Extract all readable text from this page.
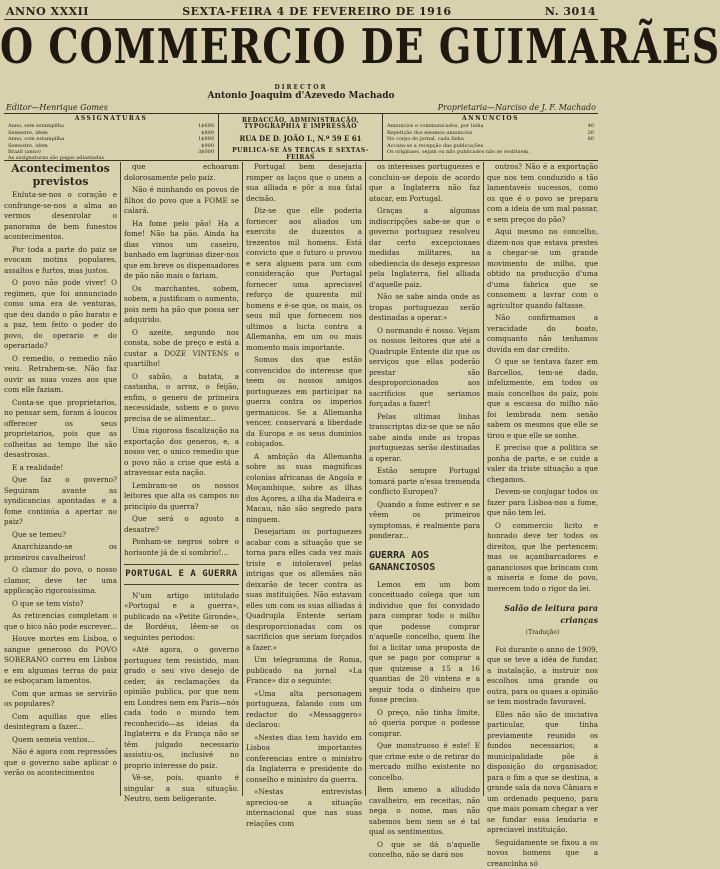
ANNO XXXII	SEXTA-FEIRA 4 DE FEVEREIRO DE 1916	N. 3014
O COMMERCIO DE GUIMARÃES
DIRECTOR
Antonio Joaquim d'Azevedo Machado
Editor—Henrique Gomes	Proprietaria—Narciso de J. F. Machado
ASSIGNATURAS
Anno, sem estampilha	1$600
Semestre, idem	$800
Anno, com estampilha	1$800
Semestre, idem	$900
Brazil (anno)	3$000
As assignaturas são pagas adiantadas
REDACÇÃO, ADMINISTRAÇÃO, TYPOGRAPHIA E IMPRESSÃO
RUA DE D. JOÃO I., N.º 59 E 61
PUBLICA-SE ÁS TERÇAS E SEXTAS-FEIRAS
ANNUNCIOS
Annuncios e communicados, por linha	40
Repetição dos mesmos annuncios	20
No corpo do jornal, cada linha	60
Accusa-se a recepção das publicações
Os originaes, sejam ou não publicados não se restituem.

Acontecimentos previstos

Enluta-se-nos o coração e confrange-se-nos a alma ao vermos desenrolar o panorama de bem funestos acontecimentos.

Por toda a parte do paiz se evocam motins populares, assaltos e furtos, mas justos.

O povo não pode viver! O regimen, que foi annunciado como uma era de venturas, que deu dando o pão barato e a paz, tem feito o poder do povo, do operario e do operariado?

O remedio, o remedio não veiu. Retrahem-se. Não faz ouvir as suas vozes aos que com elle faziam.

Conta-se que proprietarios, no pensar sem, foram á loucos offerecer os seus proprietarios, pois que as colheitas ao tempo lhe são desastrosas.

E a realidade!

Que faz o governo? Seguiram avante as syndicancias apontadas e a fome continúa a apertar no paiz?

Que se temeu?

Anarchizando-se os primeiros cavalheiros!

O clamor do povo, o nosso clamor, deve ter uma applicação rigorosissima.

O que se tem visto?

As reticencias completam o que o bico não pode escrever...

Houve mortes em Lisboa, o sangue generoso do POVO SOBERANO correu em Lisboa e em algumas terras do paiz se esboçaram lamentos.

Com que armas se servirão os populares?

Com aquillas que elles desintegram a fazer...

Quem semeia ventos...

Não é agora com repressões que o governo sabe aplicar o verão os acontecimentos

que echoaram dolorosamente pelo paiz.

Não é minhando os povos de filhos do povo que a FOME se calará.

Ha fome pelo pão! Ha a fome! Não ha pão. Ainda ha dias vimos um caseiro, banhado em lagrimas dizer-nos que em breve os dispensadores de pão não mais o fariam.

Os marchantes, sobem, sobem, a justificam o aumento, pois nem ha pão que possa ser adquirido.

O azeite, segundo nos consta, sobe de preço e está a custar a DOZE VINTENS o quartilho!

O sabão, a batata, a castanha, o arroz, o feijão, enfim, o genero de primeira necessidade, sobem e o povo precisa de se alimentar...

Uma rigorosa fiscalização na exportação dos generos, e, a nosso ver, o unico remedio que o povo não a crise que está a atravessar esta nação.

Lembram-se os nossos leitores que alta os campos no principio da guerra?

Que será o agosto a desastre?

Ponham-se negros sobre o horisonte já de si sombrio!...

PORTUGAL E A GUERRA

N'um artigo intitulado «Portugal e a guerra», publicado na «Petite Gironde», de Bordéus, lêem-se os seguintes periodos:

«Até agora, o governo portuguez tem resistido, mau grado o seu vivo desejo de ceder, ás reclamações da opinião publica, por que nem em Londres nem em Paris—nós cada todo o mundo tem reconhecido—as ideias da Inglaterra e da França não se têm julgado necessario assistiu-os, inclusivé no proprio interesse do paiz.

Vê-se, pois, quanto é singular a sua situação. Neutro, nem beligerante.

Portugal bem desejaria romper os laços que o unem a sua alliada e pôr a sua fatal decisão.

Diz-se que elle poderia fornecer aos aliados um exercito de duzentos a trezentos mil homens. Está convicto que o futuro o provou e sera alguem para um com consideração que Portugal fornecer uma apreciavel reforço de quarenta mil homens e é-se que, os mais, os seus mil que fornecem nos ultimos a lucta contra a Allemanha, em um ou mais momento mais importante.

Somos dos que estão convencidos do interesse que teem os nossos amigos portuguezes em participar na guerra contra os imperios germanicos. Se a Allemanha vencer, conservará a liberdade da Europa e os seus dominios cobiçados.

A ambição da Allemanha sobre as suas magnificas colonias africanas de Angola e Moçambique, sobre as ilhas dos Açores, a ilha da Madeira e Macau, não são segredo para ninguem.

Desejariam os portuguezes acabar com a situação que se torna para elles cada vez mais triste e intoleravel pelas intrigas que os allemães não deixarão de tecer contra as suas instituições. Não estavam elles um com os suas alliadas á Quadrupla Entente seriam desproporcionadas com os sacrificios que seriam forçados a fazer.»

Um telegramma de Roma, publicado na jornal «La France» diz o seguinte:

«Uma alta personagem portugueza, falando com um redactor do «Messaggero» declarou:

«Nestes dias tem havido em Lisboa importantes conferencias entre o ministro da Inglaterra e presidente do conselho e ministro da guerra.

«Nestas entrevistas apreciou-se a situação internacional que nas suas relações com

os interesses portuguezes e concluiu-se depois de acordo que a Inglaterra não faz atacar, em Portugal.

Graças a algumas indiscripções sabe-se que o governo portuguez resolveu dar certo excepcionaes medidas militares, na obediencia do desejo expresso pela Inglaterra, fiel alliada d'aquelle paiz.

Não se sabe ainda onde as tropas portuguezas serão destinadas a operar.»

O normando é nosso. Vejam os nossos leitores que até a Quadruple Entente diz que os serviços que ellas poderão prestar são desproporcionados aos sacrificios que seriamos forçadas a fazer!

Pelas ultimas linhas transcriptas diz-se que se não sabe ainda onde as tropas portuguezas serão destinadas a operar.

Estão sempre Portugal tomará parte n'essa tremenda conflicto Europeu?

Quando a fome estiver e se vêem os primeiros symptomas, é realmente para ponderar...

GUERRA AOS GANANCIOSOS

Lemos em um bom conceituado colega que um individuo que foi convidado para comprar todo o milho que podesse comprar n'aquelle concelho, quem lhe foi a licitar uma proposta de que se pago por comprar a que quizesse a 15 a 16 quantias de 20 vintens e a seguir toda o dinheiro que fosse preciso.

O preço, não tinha limite, só queria porque o podesse comprar.

Que monstruoso é este! E que crime este o de retirar do mercado milho existente no concelho.

Bem ameno a alludido cavalheiro, em receitas, não nega o nome, mas não sabemos bem nem se é tal qual os sentimentos.

O que se dá n'aquelle concelho, não se dará nos

outros? Não é a exportação que nos tem conduzido a tão lamentaveis sucessos, como os que é o povo se prepara com a ideia de um mal passar, e sem preços do pão?

Aqui mesmo no concelho, dizem-nos que estava prestes a chegar-se um grande movimento de milho, que obtido na producção d'uma d'uma fabrica que se consomem a lavrar com o agricultor quando faltasse.

Não confirmamos a veracidade do boato, comquanto não tenhamos duvida em dar credito.

O que se tentava fazer em Barcellos, tem-se dado, infelizmente, em todos os mais concelhos do paiz, pois que a escassa do milho não foi lembrada nem senão sabem os mesmos que elle se tirou e que elle se sonhe.

E preciso que a politica se ponha de parte, e se cuide a valer da triste situação a que chegamos.

Devem-se conjugar todos os fazer para Lisboa-nos a fome, que não tem lei.

O commercio licito e honrado deve ter todos os direitos, que lhe pertencem; mas os açambarcadores e gananciosos que brincam com a miseria e fome do povo, merecem todo o rigor da lei.

Salão de leitura para crianças
(Tradução)

Foi durante o anno de 1909, que se teve a idéa de fundar, a instalação, a instruir nos escolhos uma grande ou outra, para os quaes a opinião se tem mostrado favoravel.

Elles não são de iniciativa particular, que tinha previamente reunido os fundos necessarios; a municipalidade põe á disposição do organisador, para o fim a que se destina, a grande sala da nova Câmara e um ordenado pequeno, para que mais possam chegar a ver se fundar essa lendaria e apreciavel instituição.

Seguidamente se fixou a os novos homens que a creancinha só
